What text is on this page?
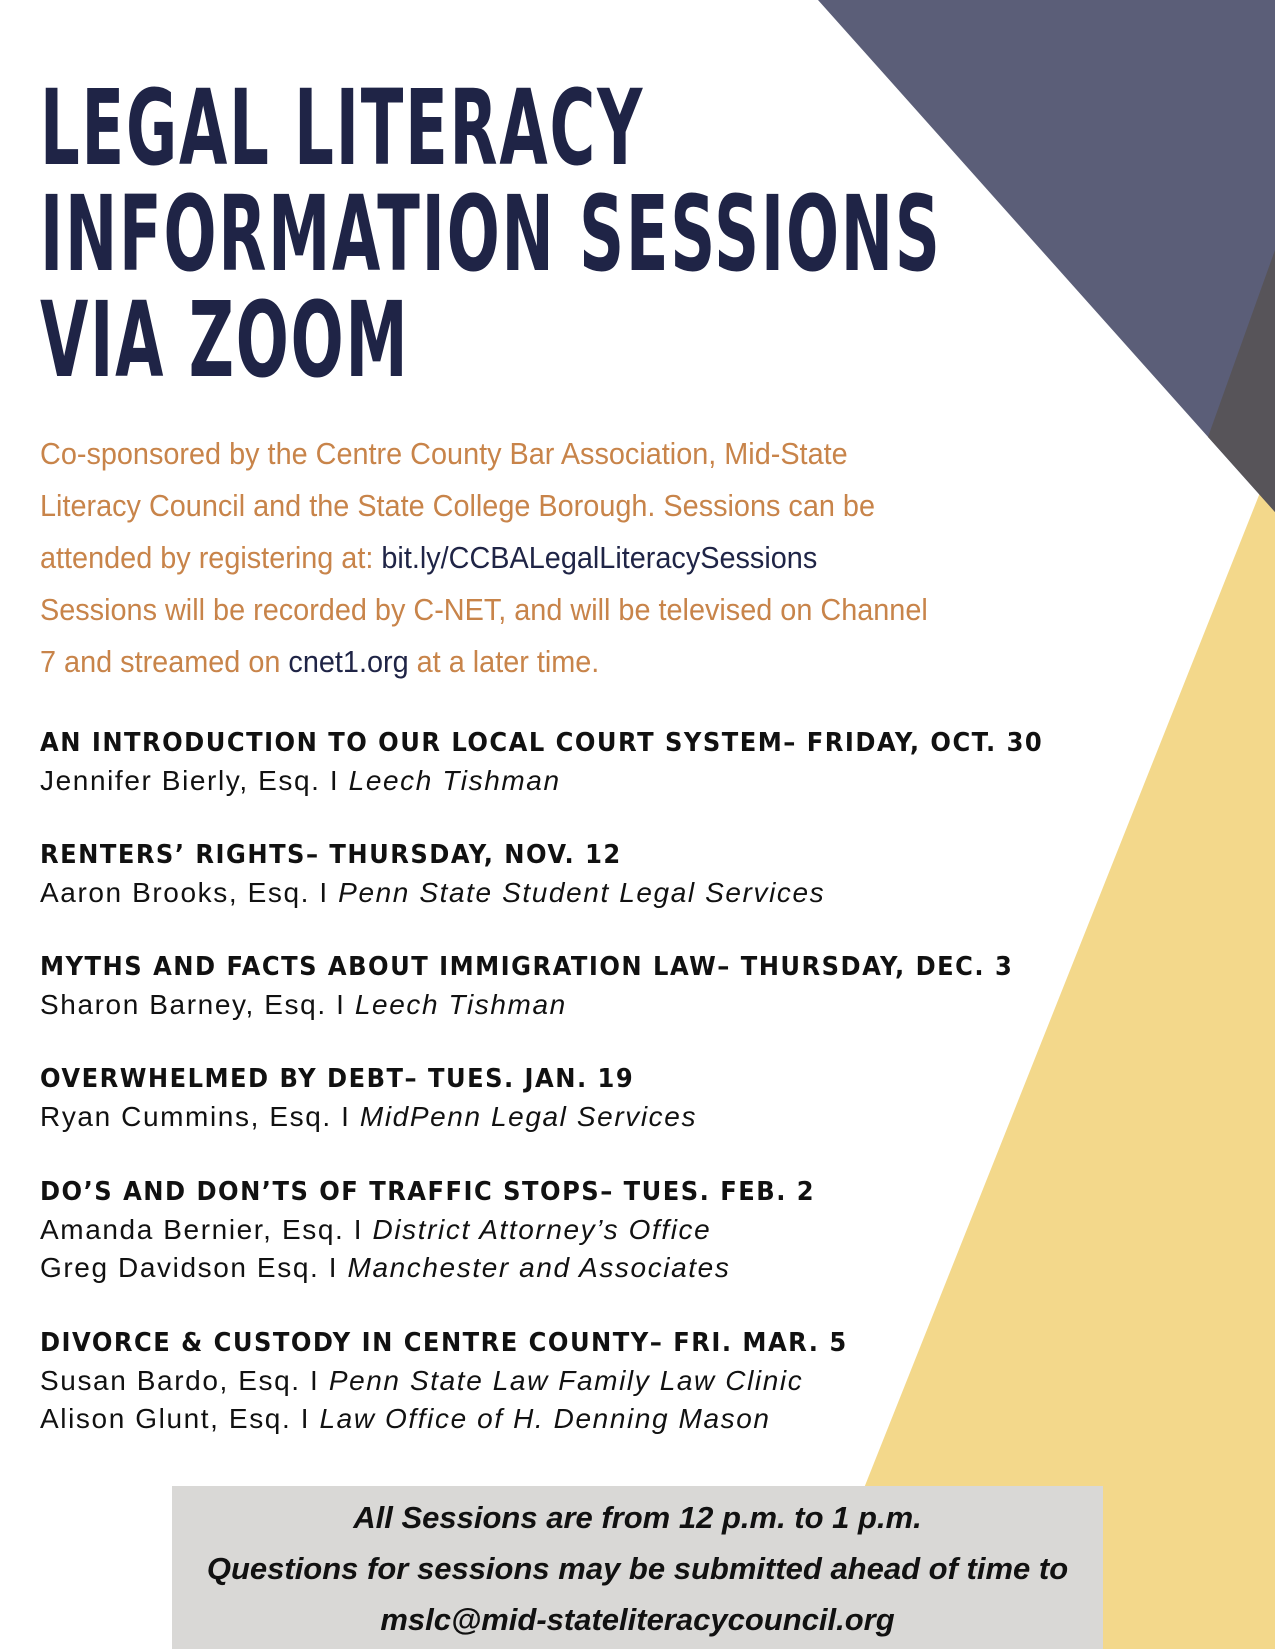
LEGAL LITERACY
INFORMATION SESSIONS
VIA ZOOM
Co-sponsored by the Centre County Bar Association, Mid-State Literacy Council and the State College Borough. Sessions can be attended by registering at: bit.ly/CCBALegalLiteracySessions
Sessions will be recorded by C-NET, and will be televised on Channel 7 and streamed on cnet1.org at a later time.
AN INTRODUCTION TO OUR LOCAL COURT SYSTEM– FRIDAY, OCT. 30
Jennifer Bierly, Esq. I Leech Tishman
RENTERS’ RIGHTS– THURSDAY, NOV. 12
Aaron Brooks, Esq. I Penn State Student Legal Services
MYTHS AND FACTS ABOUT IMMIGRATION LAW– THURSDAY, DEC. 3
Sharon Barney, Esq. I Leech Tishman
OVERWHELMED BY DEBT– TUES. JAN. 19
Ryan Cummins, Esq. I MidPenn Legal Services
DO’S AND DON’TS OF TRAFFIC STOPS– TUES. FEB. 2
Amanda Bernier, Esq. I District Attorney’s Office
Greg Davidson Esq. I Manchester and Associates
DIVORCE & CUSTODY IN CENTRE COUNTY– FRI. MAR. 5
Susan Bardo, Esq. I Penn State Law Family Law Clinic
Alison Glunt, Esq. I Law Office of H. Denning Mason
All Sessions are from 12 p.m. to 1 p.m.
Questions for sessions may be submitted ahead of time to
mslc@mid-stateliteracycouncil.org
